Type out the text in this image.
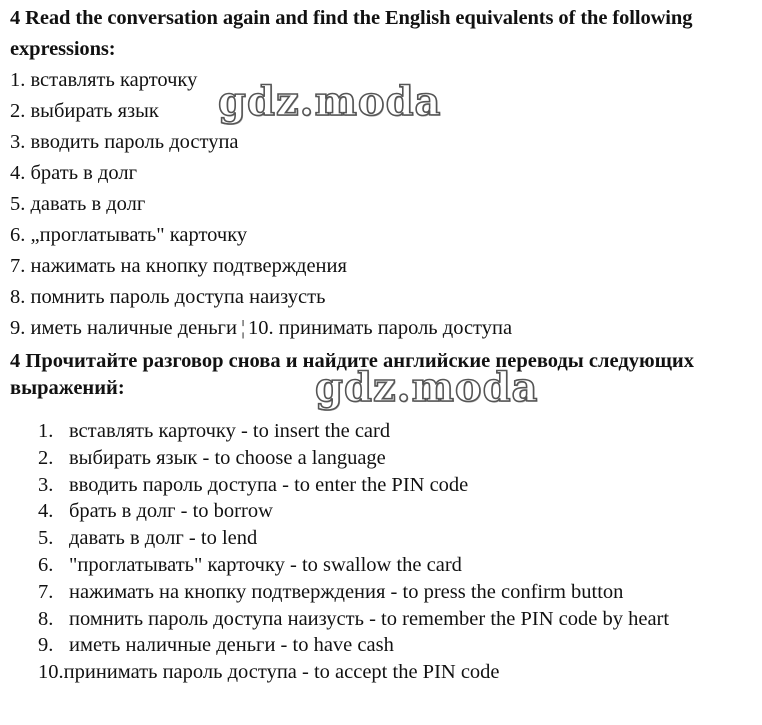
4 Read the conversation again and find the English equivalents of the following expressions:

1. вставлять карточку
2. выбирать язык
3. вводить пароль доступа
4. брать в долг
5. давать в долг
6. „проглатывать" карточку
7. нажимать на кнопку подтверждения
8. помнить пароль доступа наизусть
9. иметь наличные деньги ¦ 10. принимать пароль доступа

4 Прочитайте разговор снова и найдите английские переводы следующих выражений:

1. вставлять карточку - to insert the card
2. выбирать язык - to choose a language
3. вводить пароль доступа - to enter the PIN code
4. брать в долг - to borrow
5. давать в долг - to lend
6. "проглатывать" карточку - to swallow the card
7. нажимать на кнопку подтверждения - to press the confirm button
8. помнить пароль доступа наизусть - to remember the PIN code by heart
9. иметь наличные деньги - to have cash
10.принимать пароль доступа - to accept the PIN code
gdz.moda
gdz.moda
